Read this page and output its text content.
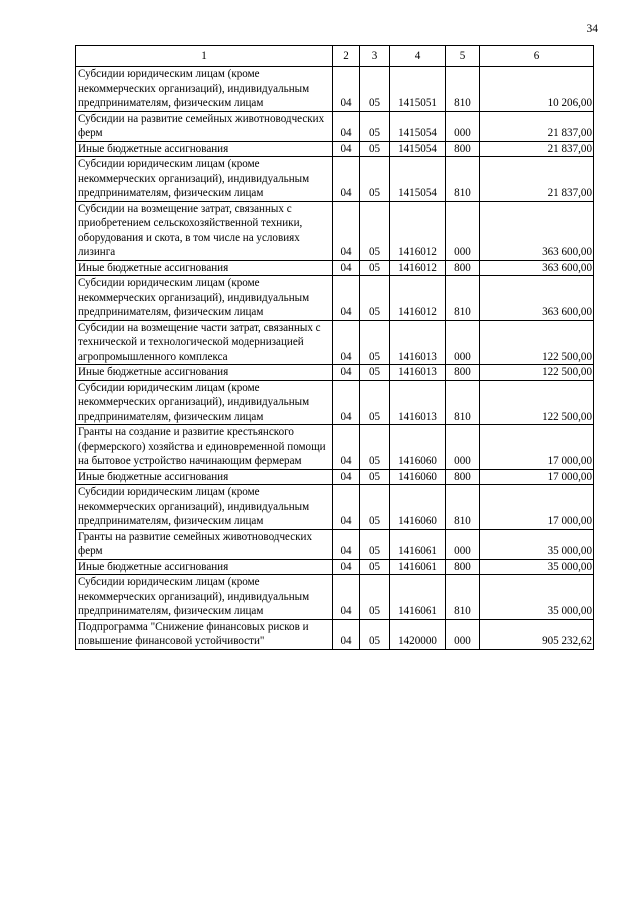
34
1	2	3	4	5	6
Субсидии юридическим лицам (кроме некоммерческих организаций), индивидуальным предпринимателям, физическим лицам	04	05	1415051	810	10 206,00
Субсидии на развитие семейных животноводческих ферм	04	05	1415054	000	21 837,00
Иные бюджетные ассигнования	04	05	1415054	800	21 837,00
Субсидии юридическим лицам (кроме некоммерческих организаций), индивидуальным предпринимателям, физическим лицам	04	05	1415054	810	21 837,00
Субсидии на возмещение затрат, связанных с приобретением сельскохозяйственной техники, оборудования и скота, в том числе на условиях лизинга	04	05	1416012	000	363 600,00
Иные бюджетные ассигнования	04	05	1416012	800	363 600,00
Субсидии юридическим лицам (кроме некоммерческих организаций), индивидуальным предпринимателям, физическим лицам	04	05	1416012	810	363 600,00
Субсидии на возмещение части затрат, связанных с технической и технологической модернизацией агропромышленного комплекса	04	05	1416013	000	122 500,00
Иные бюджетные ассигнования	04	05	1416013	800	122 500,00
Субсидии юридическим лицам (кроме некоммерческих организаций), индивидуальным предпринимателям, физическим лицам	04	05	1416013	810	122 500,00
Гранты на создание и развитие крестьянского (фермерского) хозяйства и единовременной помощи на бытовое устройство начинающим фермерам	04	05	1416060	000	17 000,00
Иные бюджетные ассигнования	04	05	1416060	800	17 000,00
Субсидии юридическим лицам (кроме некоммерческих организаций), индивидуальным предпринимателям, физическим лицам	04	05	1416060	810	17 000,00
Гранты на развитие семейных животноводческих ферм	04	05	1416061	000	35 000,00
Иные бюджетные ассигнования	04	05	1416061	800	35 000,00
Субсидии юридическим лицам (кроме некоммерческих организаций), индивидуальным предпринимателям, физическим лицам	04	05	1416061	810	35 000,00
Подпрограмма "Снижение финансовых рисков и повышение финансовой устойчивости"	04	05	1420000	000	905 232,62
